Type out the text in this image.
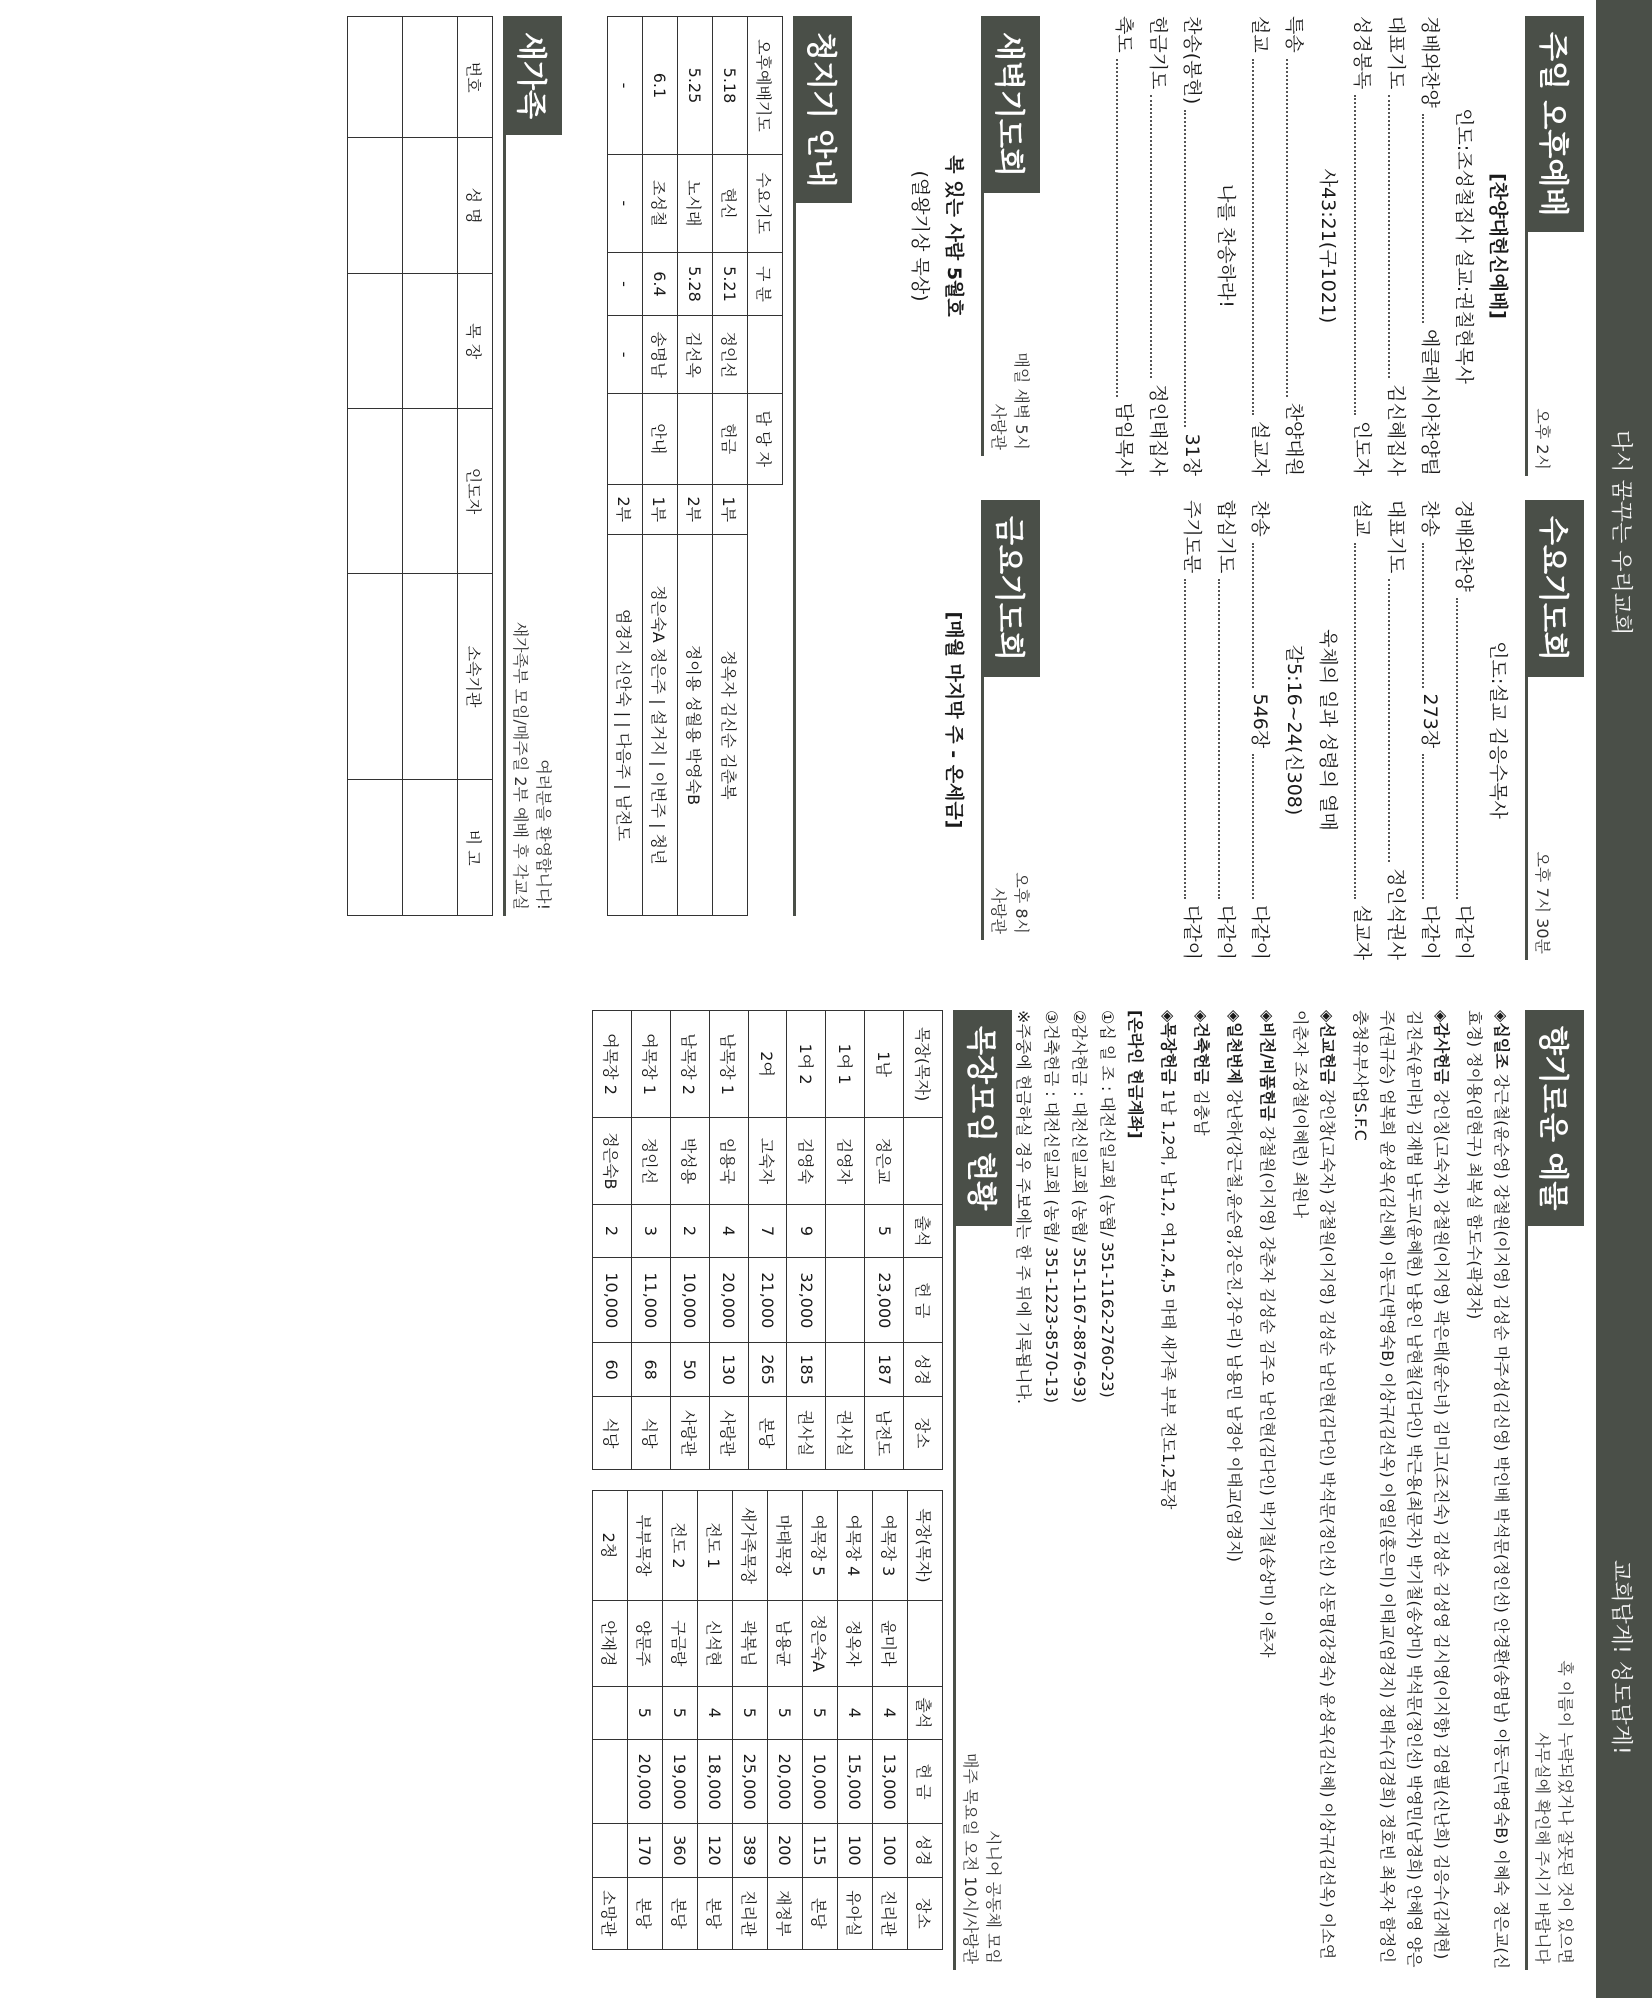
다시 꿈꾸는 우리교회
교회답게! 성도답게!
주일 오후예배
오후 2시
[찬양대헌신예배]
인도:조성철집사 설교:권칠현목사
경배와찬양
에클레시아찬양팀
대표기도
김신혜집사
성경봉독
인도자
사43:21(구1021)
특송
찬양대원
설교
설교자
나를 찬송하라!
찬송(봉헌)
31장
헌금기도
정인태집사
축도
담임목사
수요기도회
오후 7시 30분
인도:설교 김응수목사
경배와찬양
다같이
찬송
273장
다같이
대표기도
정인석권사
설교
설교자
육체의 일과 성령의 열매
갈5:16~24(신308)
찬송
546장
다같이
합심기도
다같이
주기도문
다같이
새벽기도회
매일 새벽 5시
사랑관
복 있는 사람 5월호
(열왕기상 묵상)
금요기도회
오후 8시
사랑관
[매월 마지막 주 - 온세금]
청지기 안내
오후예배기도	수요기도	구 분		담 당 자		
5.18	현신	5.21	정인선	헌금	1부	정옥자 김신순 김춘복
5.25	노시래	5.28	김선옥		2부	정이용 성월용 박영숙B
6.1	조성철	6.4	송명남	안내	1부	정은숙A 정은주 | 설거지 | 이번주 | 청년
-	-	-	-		2부	염경지 신안숙 | | 다음주 | 남전도
새가족
여러분을 환영합니다!
새가족부 모임/매주일 2부 예배 후 각교실
번호	성 명	목 장	인도자	소속기관	비 고

향기로운 예물
혹 이름이 누락되었거나 잘못된 것이 있으면
사무실에 확인해 주시기 바랍니다

◈십일조 강근철(윤순영) 강철원(이지영) 김성순 마주성(김신영) 박인배 박석문(정인선) 안경환(송명남) 이동근(박영숙B) 이혜숙 정은교(신효경) 정이용(임현구) 최복실 함도수(곽경자)

◈감사헌금 강인칭(고숙자) 강철원(이지영) 곽은태(윤순녀) 김미고(조진숙) 김성순 김성영 김시영(이지향) 김영필(신난희) 김응수(김재현) 김진숙(윤미라) 김재범 남두교(윤혜현) 남용인 남현철(김다인) 박근용(최문자) 박기철(송상미) 박석문(정인선) 박영민(남경희) 안혜영 양은주(권규승) 엄복희 윤성옥(김신혜) 이동근(박영숙B) 이상규(김선옥) 이영일(홍은미) 이태교(엄경지) 정태수(김경희) 정호빈 최옥자 함정인 충청유부사업S.F.C

◈선교헌금 강인창(고숙자) 강철원(이지영) 김성순 남인현(김다인) 박석문(정인선) 신동명(강경숙) 윤성옥(김신혜) 이상규(김선옥) 이소연 이춘자 조성철(이혜련) 최원나

◈비전/비품헌금 강철원(이지영) 강춘자 김성순 김주오 남인현(김다인) 박기철(송상미) 이춘자

◈일천번제 강난하(강근철,윤순영,강은진,강우리) 남용민 남경아 이태교(엄경지)

◈건축헌금 김충남

◈목장헌금 1남 1,2여, 남1,2, 여1,2,4,5 마태 새가족 부부 전도1,2목장

[온라인 헌금계좌]
①십 일 조 : 대전신일교회 (농협/ 351-1162-2760-23)
②감사헌금 : 대전신일교회 (농협/ 351-1167-8876-93)
③건축헌금 : 대전신일교회 (농협/ 351-1223-8570-13)
※주중에 헌금하실 경우 주보에는 한 주 뒤에 기록됩니다.
목장모임 현황
시니어 공동체 모임
매주 목요일 오전 10시/사랑관
목장(목자)		출석	헌 금	성경	장소
1남	정은교	5	23,000	187	남전도
1여 1	김영자				권사실
1여 2	김영숙	9	32,000	185	권사실
2여	고숙자	7	21,000	265	본당
남목장 1	임용국	4	20,000	130	사랑관
남목장 2	박성용	2	10,000	50	사랑관
여목장 1	정인선	3	11,000	68	식당
여목장 2	정은숙B	2	10,000	60	식당
목장(목자)		출석	헌 금	성경	장소
여목장 3	윤미라	4	13,000	100	진리관
여목장 4	정옥자	4	15,000	100	유아실
여목장 5	정은숙A	5	10,000	115	본당
마태목장	남용균	5	20,000	200	재정부
새가족목장	곽복님	5	25,000	389	진리관
전도 1	신석현	4	18,000	120	본당
전도 2	구금랑	5	19,000	360	본당
부부목장	양문주	5	20,000	170	본당
2청	안재경				소망관
